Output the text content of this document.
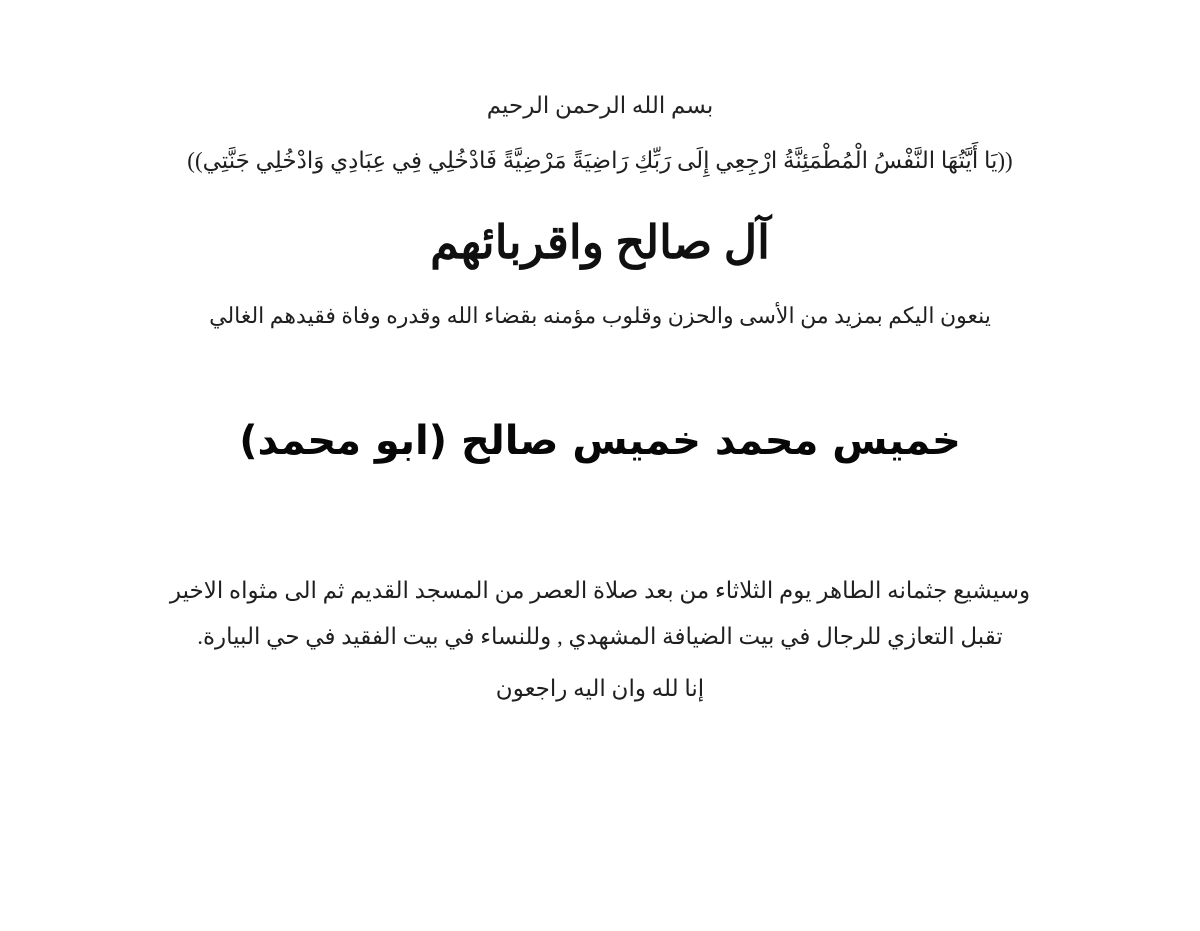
بسم الله الرحمن الرحيم
((يَا أَيَّتُهَا النَّفْسُ الْمُطْمَئِنَّةُ ارْجِعِي إِلَى رَبِّكِ رَاضِيَةً مَرْضِيَّةً فَادْخُلِي فِي عِبَادِي وَادْخُلِي جَنَّتِي))
آل صالح واقربائهم
ينعون اليكم بمزيد من الأسى والحزن وقلوب مؤمنه بقضاء الله وقدره وفاة فقيدهم الغالي
خميس محمد خميس صالح (ابو محمد)
وسيشيع جثمانه الطاهر يوم الثلاثاء من بعد صلاة العصر من المسجد القديم ثم الى مثواه الاخير
تقبل التعازي للرجال في بيت الضيافة المشهدي , وللنساء في بيت الفقيد في حي البيارة.
إنا لله وان اليه راجعون
